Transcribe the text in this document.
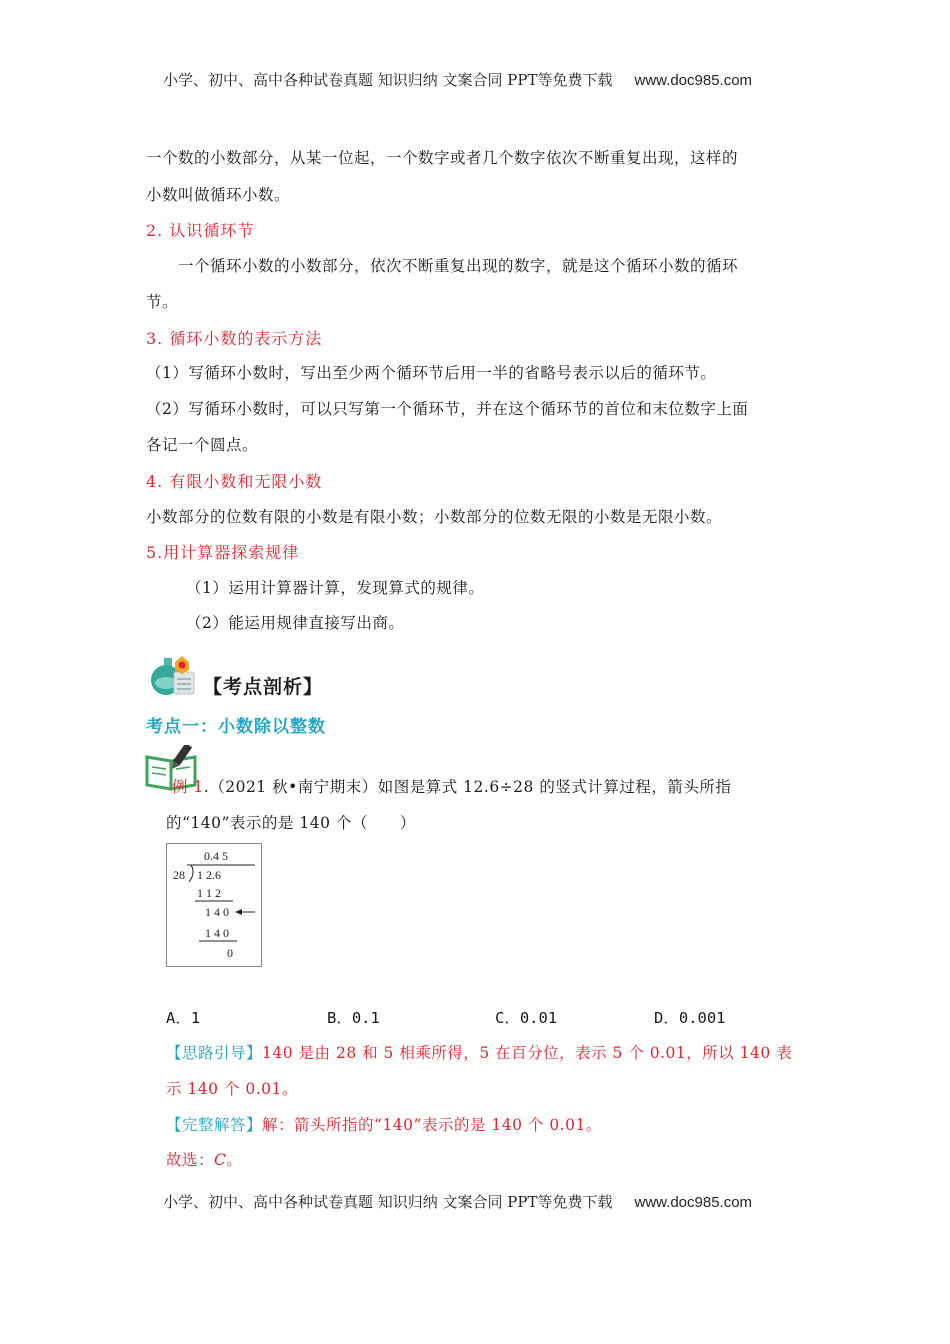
小学、初中、高中各种试卷真题 知识归纳 文案合同 PPT等免费下载 www.doc985.com
一个数的小数部分，从某一位起，一个数字或者几个数字依次不断重复出现，这样的
小数叫做循环小数。
2. 认识循环节
一个循环小数的小数部分，依次不断重复出现的数字，就是这个循环小数的循环
节。
3. 循环小数的表示方法
（1）写循环小数时，写出至少两个循环节后用一半的省略号表示以后的循环节。
（2）写循环小数时，可以只写第一个循环节，并在这个循环节的首位和末位数字上面
各记一个圆点。
4. 有限小数和无限小数
小数部分的位数有限的小数是有限小数；小数部分的位数无限的小数是无限小数。
5.用计算器探索规律
（1）运用计算器计算，发现算式的规律。
（2）能运用规律直接写出商。
【考点剖析】
考点一：小数除以整数
例 1.（2021 秋•南宁期末）如图是算式 12.6÷28 的竖式计算过程，箭头所指
的“140”表示的是 140 个（　　）
0.4 5
28 1 2.6
1 1 2
1 4 0
1 4 0
0
A．1	B．0.1	C．0.01	D．0.001
【思路引导】140 是由 28 和 5 相乘所得，5 在百分位，表示 5 个 0.01，所以 140 表
示 140 个 0.01。
【完整解答】解：箭头所指的“140”表示的是 140 个 0.01。
故选：C。
小学、初中、高中各种试卷真题 知识归纳 文案合同 PPT等免费下载 www.doc985.com
